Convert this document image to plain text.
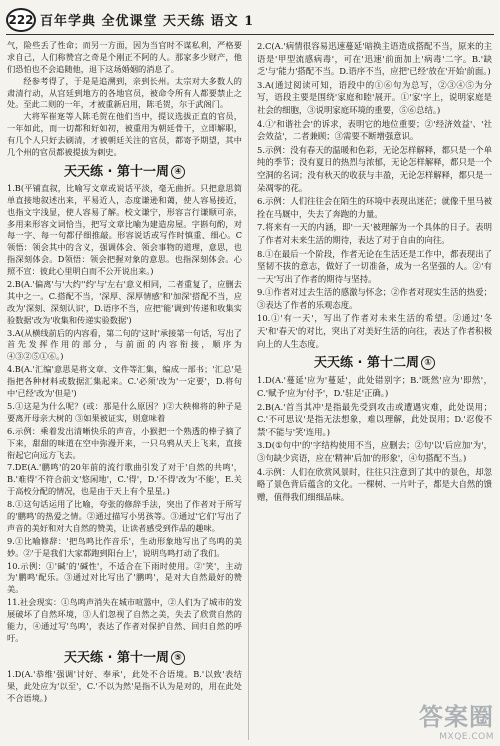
222 百年学典 全优课堂 天天练 语文 1

气，险些丢了性命；而另一方面，因为当官时不谋私利，严格要求自己，人们称赞宫之奇是个刚正不阿的人。那家多少财产，他们恐怕也不会追随他，退下这场婚姻的消息了。

经参考得了，于是是追溯到，亲到长州。太宗对大多数人的肃清行动，从宫廷到地方的各地官员，被命令所有人都要禁止之处。至此二则的一年，才被重新启用，陈毛贺，尔于武阁门。

大将军崔寔等人陈毛贺在他们当中，提议选拔正直的官员，一年如此，而一切都和好如初，被重用为朝廷骨干，立即解职，有几个人只好去刷清，才被朝廷关注的官员，都寄予期望，其中几个州的官员都被提拔为刺史。

天天练 · 第十一周 ④

1.B(平铺直叙，比喻写文章或说话平淡，毫无曲折。只把意思简单直接地叙述出来，平易近人，态度谦逊和蔼，使人容易接近，也指文字浅显，使人容易了解。校文谦宁，形容言行谦顺可亲，多用来形容文词恰当，把写文章比喻为建造房屋。字斟句酌，对每一字、每一句都仔细推敲。形容说话或写作时慎重、细心。C领悟：领会其中的含义，强调体会、领会事物的道理，意思，也指深刻体会。D领悟：领会把握对象的意思。也指深刻体会。心照不宣：彼此心里明白而不公开说出来。)

2.B(A.'偏离'与'大约''约'与'左右'意义相同，二者重复了，应删去其中之一。C.搭配不当，'深厚、深厚情感'和'加深'搭配不当，应改为'深刻、深刻认识'，D.语序不当，应把'能'调到'传递和收集实验数据'改为'收集和传递实验数据')

3.A(从横线前后的内容看，第二句的'这时'承接第一句话，写出了首先发挥作用的部分，与前面的内容衔接，顺序为④③②⑤①⑥。)

4.B(A.'汇编'意思是将文章、文件等汇集，编成一部书；'汇总'是指把各种材料或数据汇集起来。C.'必须'改为'一定要'，D.将句中'已经'改为'但是')

5.①这是为什么呢？(或：那是什么原因？)②大秧棉将的种子是要离开母亲大树的 ③如果被证实，则意味着

6.示例：乘着发出清晰快乐的声音，小猴把一个熟透的棒子摘了下来，甜甜的味道在空中弥漫开来，一只乌鸦从天上飞来，直接衔起它向远方飞去。

7.DE(A.'鹏鸣'的20年前的流行歌曲引发了对于'自然的共鸣'，B.'难得'不符合前文'悠闲地'，C.'得'，D.'不得'改为'不能'，E.关于高校分配的情况，也是由于天上有个星星。)

8.①这句话运用了比喻，夸张的修辞手法，突出了作者对于所写的'鹏鸣'的热爱之情。②通过描写小男孩等。③通过'它们'写出了声音的美好和对大自然的赞美，让读者感受到作品的趣味。

9.①比喻修辞：'把鸟鸣比作音乐'，生动形象地写出了鸟鸣的美妙。②'于是我们大家都跑到阳台上'，说明鸟鸣打动了我们。

10.示例：①'碱'的'碱性'，不适合在下雨时使用。②'笑'，主动为'鹏鸣'配乐。③通过对比写出了'鹏鸣'，是对大自然最好的赞美。

11.社会现实：①鸟鸣声消失在城市喧嚣中，②人们为了城市的发展破坏了自然环境，③人们忽视了自然之美，失去了欣赏自然的能力，④通过写'鸟鸣'，表达了作者对保护自然、回归自然的呼吁。

天天练 · 第十一周 ⑤

1.D(A.'恭维'强调'讨好、奉承'，此处不合语境。B.'以致'表结果，此处应为'以至'，C.'不以为然'是指不认为是对的，用在此处不合语境。)

2.C(A.'病情很容易迅速蔓延'暗换主语造成搭配不当，原来的主语是'甲型流感病毒'，可在'迅速'前面加上'病毒'二字。B.'缺乏'与'能力'搭配不当。D.语序不当，应把'已经'放在'开始'前面。)

3.A(通过阅读可知，语段中的①⑥句为总写，②③④⑤为分写，语段主要是围绕'家庭和睦'展开。①'家'字上，说明家庭是社会的细胞，③说明家庭环境的重要，⑤⑥总结。)

4.①'和谐社会'的诉求，表明它的地位重要；②'经济效益'、'社会效益'，二者兼顾；③需要不断增强意识。

5.示例：没有春天的温暖和色彩，无论怎样解释，都只是一个单纯的季节；没有夏日的热烈与浓郁，无论怎样解释，都只是一个空洞的名词；没有秋天的收获与丰盈，无论怎样解释，都只是一朵凋零的花。

6.示例：人们往往会在陌生的环境中表现出迷茫；就像千里马被拴在马厩中，失去了奔跑的力量。

7.将来有一天的内涵，即'一天'被理解为一个具体的日子。表明了作者对未来生活的期待，表达了对于自由的向往。

8.①在最后一个阶段，作者无论在生活还是工作中，都表现出了坚韧不拔的意志，做好了一切准备，成为一名坚强的人。②'有一天'写出了作者的期待与坚持。

9.①作者对过去生活的感激与怀念；②作者对现实生活的热爱；③表达了作者的乐观态度。

10.①'有一天'，写出了作者对未来生活的希望。②通过'冬天'和'春天'的对比，突出了对美好生活的向往，表达了作者积极向上的人生态度。

天天练 · 第十二周 ①

1.D(A.'蔓延'应为'蔓延'，此处错别字；B.'既然'应为'即然'，C.'赋予'应为'付予'，D.'驻足'正确。)

2.B(A.'首当其冲'是指最先受到攻击或遭遇灾难，此处误用；C.'不可思议'是指无法想象，难以理解，此处误用；D.'忍俊不禁'不能与'笑'连用。)

3.D(①句中'的'字结构使用不当，应删去；②句'以'后应加'为'，③句缺少宾语，应在'精神'后加'的形象'，④句搭配不当。)

4.示例：人们在欣赏风景时，往往只注意到了其中的景色，却忽略了景色背后蕴含的文化。一棵树、一片叶子，都是大自然的馈赠，值得我们细细品味。

答案圈
MXQE.COM
